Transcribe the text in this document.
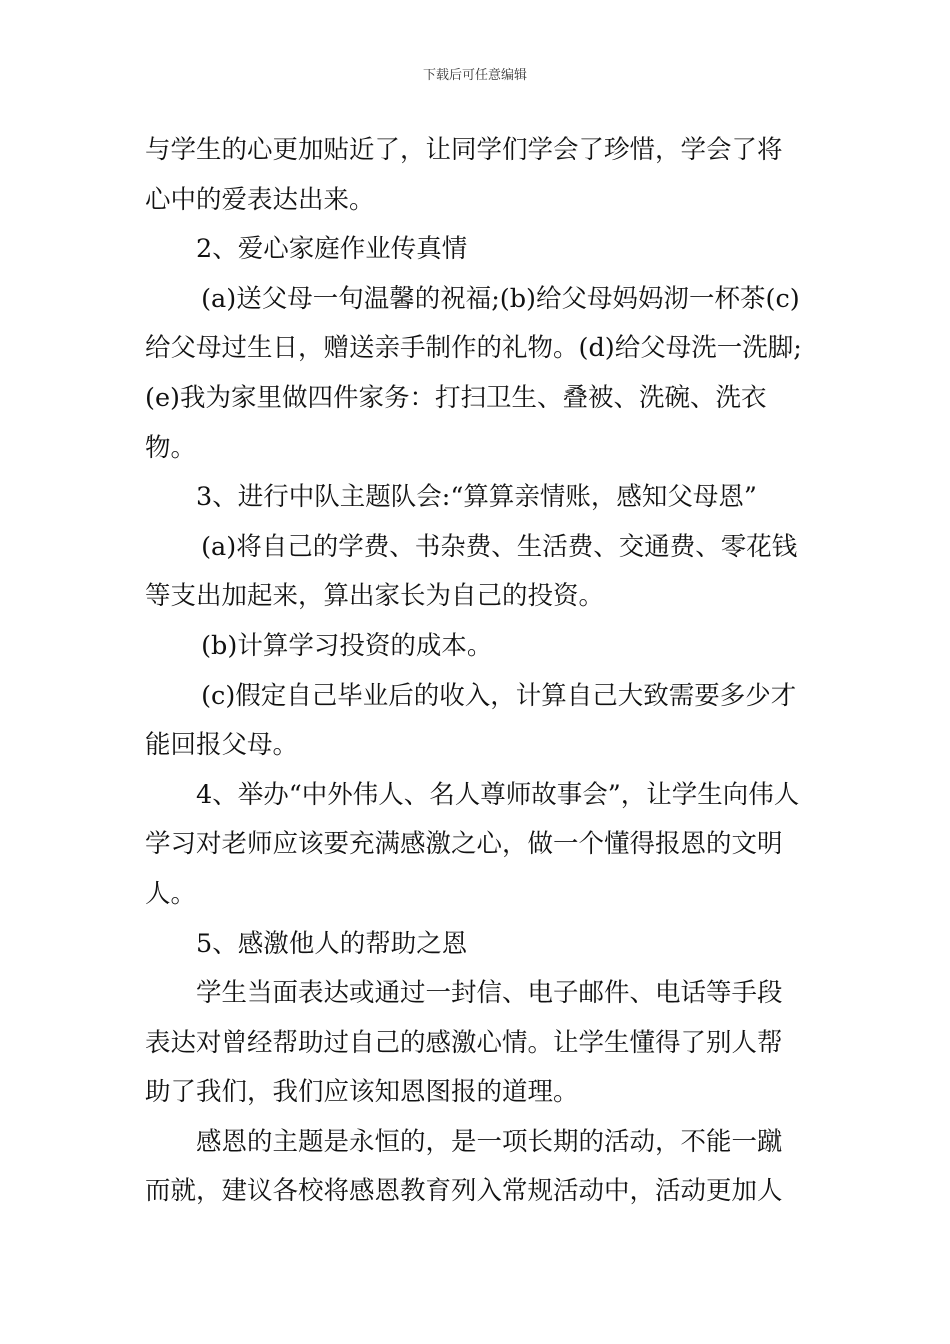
下载后可任意编辑

与学生的心更加贴近了，让同学们学会了珍惜，学会了将心中的爱表达出来。

2、爱心家庭作业传真情

(a)送父母一句温馨的祝福;(b)给父母妈妈沏一杯茶(c)给父母过生日，赠送亲手制作的礼物。(d)给父母洗一洗脚;(e)我为家里做四件家务：打扫卫生、叠被、洗碗、洗衣物。

3、进行中队主题队会:“算算亲情账，感知父母恩”

(a)将自己的学费、书杂费、生活费、交通费、零花钱等支出加起来，算出家长为自己的投资。

(b)计算学习投资的成本。

(c)假定自己毕业后的收入，计算自己大致需要多少才能回报父母。

4、举办“中外伟人、名人尊师故事会”，让学生向伟人学习对老师应该要充满感激之心，做一个懂得报恩的文明人。

5、感激他人的帮助之恩

学生当面表达或通过一封信、电子邮件、电话等手段表达对曾经帮助过自己的感激心情。让学生懂得了别人帮助了我们，我们应该知恩图报的道理。

感恩的主题是永恒的，是一项长期的活动，不能一蹴而就，建议各校将感恩教育列入常规活动中，活动更加人
